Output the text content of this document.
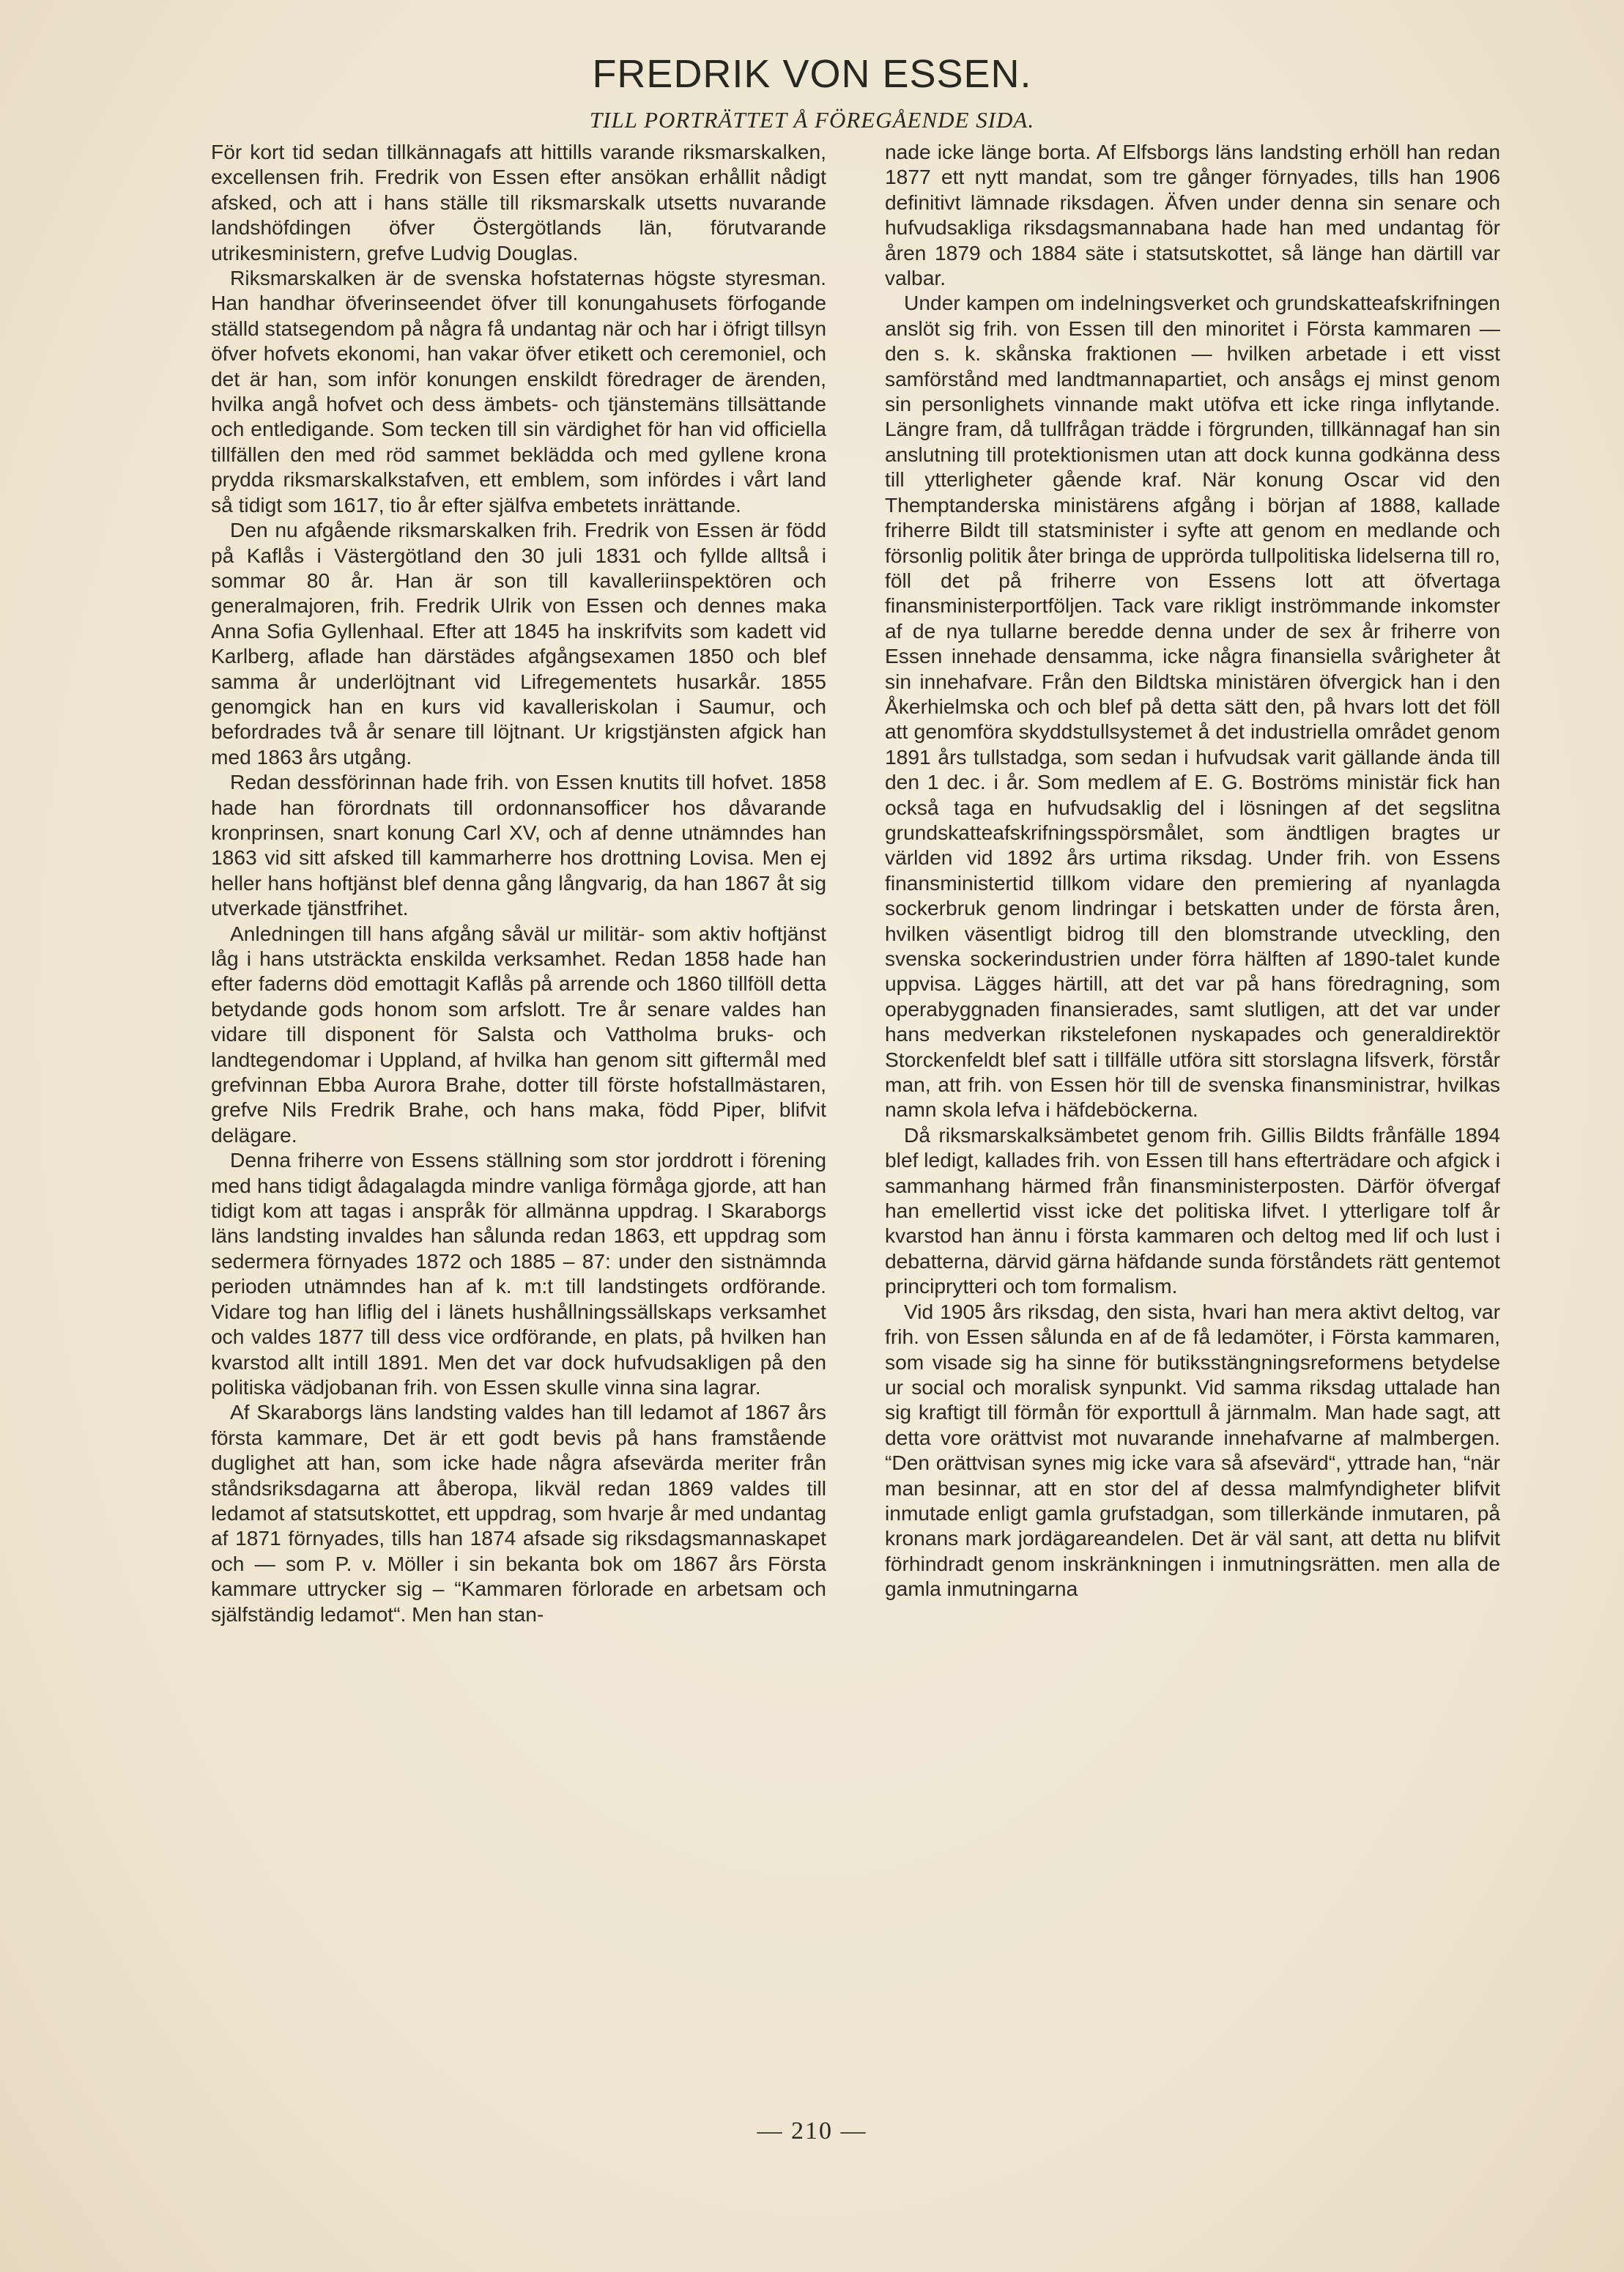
FREDRIK VON ESSEN.
TILL PORTRÄTTET Å FÖREGÅENDE SIDA.

För kort tid sedan tillkännagafs att hittills varande riksmarskalken, excellensen frih. Fredrik von Essen efter ansökan erhållit nådigt afsked, och att i hans ställe till riksmarskalk utsetts nuvarande landshöfdingen öfver Östergötlands län, förutvarande utrikesministern, grefve Ludvig Douglas.

Riksmarskalken är de svenska hofstaternas högste styresman. Han handhar öfverinseendet öfver till konungahusets förfogande ställd statsegendom på några få undantag när och har i öfrigt tillsyn öfver hofvets ekonomi, han vakar öfver etikett och ceremoniel, och det är han, som inför konungen enskildt föredrager de ärenden, hvilka angå hofvet och dess ämbets- och tjänstemäns tillsättande och entledigande. Som tecken till sin värdighet för han vid officiella tillfällen den med röd sammet beklädda och med gyllene krona prydda riksmarskalkstafven, ett emblem, som infördes i vårt land så tidigt som 1617, tio år efter själfva embetets inrättande.

Den nu afgående riksmarskalken frih. Fredrik von Essen är född på Kaflås i Västergötland den 30 juli 1831 och fyllde alltså i sommar 80 år. Han är son till kavalleriinspektören och generalmajoren, frih. Fredrik Ulrik von Essen och dennes maka Anna Sofia Gyllenhaal. Efter att 1845 ha inskrifvits som kadett vid Karlberg, aflade han därstädes afgångsexamen 1850 och blef samma år underlöjtnant vid Lifregementets husarkår. 1855 genomgick han en kurs vid kavalleriskolan i Saumur, och befordrades två år senare till löjtnant. Ur krigstjänsten afgick han med 1863 års utgång.

Redan dessförinnan hade frih. von Essen knutits till hofvet. 1858 hade han förordnats till ordonnansofficer hos dåvarande kronprinsen, snart konung Carl XV, och af denne utnämndes han 1863 vid sitt afsked till kammarherre hos drottning Lovisa. Men ej heller hans hoftjänst blef denna gång långvarig, da han 1867 åt sig utverkade tjänstfrihet.

Anledningen till hans afgång såväl ur militär- som aktiv hoftjänst låg i hans utsträckta enskilda verksamhet. Redan 1858 hade han efter faderns död emottagit Kaflås på arrende och 1860 tillföll detta betydande gods honom som arfslott. Tre år senare valdes han vidare till disponent för Salsta och Vattholma bruks- och landtegendomar i Uppland, af hvilka han genom sitt giftermål med grefvinnan Ebba Aurora Brahe, dotter till förste hofstallmästaren, grefve Nils Fredrik Brahe, och hans maka, född Piper, blifvit delägare.

Denna friherre von Essens ställning som stor jorddrott i förening med hans tidigt ådagalagda mindre vanliga förmåga gjorde, att han tidigt kom att tagas i anspråk för allmänna uppdrag. I Skaraborgs läns landsting invaldes han sålunda redan 1863, ett uppdrag som sedermera förnyades 1872 och 1885 – 87: under den sistnämnda perioden utnämndes han af k. m:t till landstingets ordförande. Vidare tog han liflig del i länets hushållningssällskaps verksamhet och valdes 1877 till dess vice ordförande, en plats, på hvilken han kvarstod allt intill 1891. Men det var dock hufvudsakligen på den politiska vädjobanan frih. von Essen skulle vinna sina lagrar.

Af Skaraborgs läns landsting valdes han till ledamot af 1867 års första kammare, Det är ett godt bevis på hans framstående duglighet att han, som icke hade några afsevärda meriter från ståndsriksdagarna att åberopa, likväl redan 1869 valdes till ledamot af statsutskottet, ett uppdrag, som hvarje år med undantag af 1871 förnyades, tills han 1874 afsade sig riksdagsmannaskapet och — som P. v. Möller i sin bekanta bok om 1867 års Första kammare uttrycker sig – “Kammaren förlorade en arbetsam och själfständig ledamot“. Men han stan-

nade icke länge borta. Af Elfsborgs läns landsting erhöll han redan 1877 ett nytt mandat, som tre gånger förnyades, tills han 1906 definitivt lämnade riksdagen. Äfven under denna sin senare och hufvudsakliga riksdagsmannabana hade han med undantag för åren 1879 och 1884 säte i statsutskottet, så länge han därtill var valbar.

Under kampen om indelningsverket och grundskatteafskrifningen anslöt sig frih. von Essen till den minoritet i Första kammaren — den s. k. skånska fraktionen — hvilken arbetade i ett visst samförstånd med landtmannapartiet, och ansågs ej minst genom sin personlighets vinnande makt utöfva ett icke ringa inflytande. Längre fram, då tullfrågan trädde i förgrunden, tillkännagaf han sin anslutning till protektionismen utan att dock kunna godkänna dess till ytterligheter gående kraf. När konung Oscar vid den Themptanderska ministärens afgång i början af 1888, kallade friherre Bildt till statsminister i syfte att genom en medlande och försonlig politik åter bringa de upprörda tullpolitiska lidelserna till ro, föll det på friherre von Essens lott att öfvertaga finansministerportföljen. Tack vare rikligt inströmmande inkomster af de nya tullarne beredde denna under de sex år friherre von Essen innehade densamma, icke några finansiella svårigheter åt sin innehafvare. Från den Bildtska ministären öfvergick han i den Åkerhielmska och och blef på detta sätt den, på hvars lott det föll att genomföra skyddstullsystemet å det industriella området genom 1891 års tullstadga, som sedan i hufvudsak varit gällande ända till den 1 dec. i år. Som medlem af E. G. Boströms ministär fick han också taga en hufvudsaklig del i lösningen af det segslitna grundskatteafskrifningsspörsmålet, som ändtligen bragtes ur världen vid 1892 års urtima riksdag. Under frih. von Essens finansministertid tillkom vidare den premiering af nyanlagda sockerbruk genom lindringar i betskatten under de första åren, hvilken väsentligt bidrog till den blomstrande utveckling, den svenska sockerindustrien under förra hälften af 1890-talet kunde uppvisa. Lägges härtill, att det var på hans föredragning, som operabyggnaden finansierades, samt slutligen, att det var under hans medverkan rikstelefonen nyskapades och generaldirektör Storckenfeldt blef satt i tillfälle utföra sitt storslagna lifsverk, förstår man, att frih. von Essen hör till de svenska finansministrar, hvilkas namn skola lefva i häfdeböckerna.

Då riksmarskalksämbetet genom frih. Gillis Bildts frånfälle 1894 blef ledigt, kallades frih. von Essen till hans efterträdare och afgick i sammanhang härmed från finansministerposten. Därför öfvergaf han emellertid visst icke det politiska lifvet. I ytterligare tolf år kvarstod han ännu i första kammaren och deltog med lif och lust i debatterna, därvid gärna häfdande sunda förståndets rätt gentemot principrytteri och tom formalism.

Vid 1905 års riksdag, den sista, hvari han mera aktivt deltog, var frih. von Essen sålunda en af de få ledamöter, i Första kammaren, som visade sig ha sinne för butiksstängningsreformens betydelse ur social och moralisk synpunkt. Vid samma riksdag uttalade han sig kraftigt till förmån för exporttull å järnmalm. Man hade sagt, att detta vore orättvist mot nuvarande innehafvarne af malmbergen. “Den orättvisan synes mig icke vara så afsevärd“, yttrade han, “när man besinnar, att en stor del af dessa malmfyndigheter blifvit inmutade enligt gamla grufstadgan, som tillerkände inmutaren, på kronans mark jordägareandelen. Det är väl sant, att detta nu blifvit förhindradt genom inskränkningen i inmutningsrätten. men alla de gamla inmutningarna

— 210 —
